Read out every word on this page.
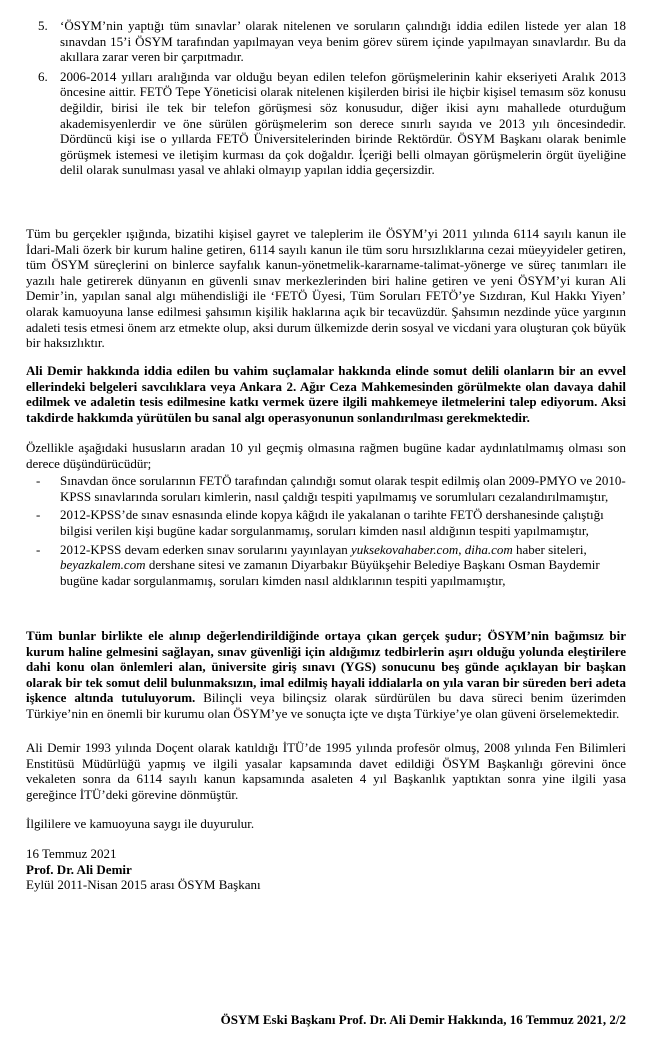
5. ‘ÖSYM’nin yaptığı tüm sınavlar’ olarak nitelenen ve soruların çalındığı iddia edilen listede yer alan 18 sınavdan 15’i ÖSYM tarafından yapılmayan veya benim görev sürem içinde yapılmayan sınavlardır. Bu da akıllara zarar veren bir çarpıtmadır.
6. 2006-2014 yılları aralığında var olduğu beyan edilen telefon görüşmelerinin kahir ekseriyeti Aralık 2013 öncesine aittir. FETÖ Tepe Yöneticisi olarak nitelenen kişilerden birisi ile hiçbir kişisel temasım söz konusu değildir, birisi ile tek bir telefon görüşmesi söz konusudur, diğer ikisi aynı mahallede oturduğum akademisyenlerdir ve öne sürülen görüşmelerim son derece sınırlı sayıda ve 2013 yılı öncesindedir. Dördüncü kişi ise o yıllarda FETÖ Üniversitelerinden birinde Rektördür. ÖSYM Başkanı olarak benimle görüşmek istemesi ve iletişim kurması da çok doğaldır. İçeriği belli olmayan görüşmelerin örgüt üyeliğine delil olarak sunulması yasal ve ahlaki olmayıp yapılan iddia geçersizdir.

Tüm bu gerçekler ışığında, bizatihi kişisel gayret ve taleplerim ile ÖSYM’yi 2011 yılında 6114 sayılı kanun ile İdari-Mali özerk bir kurum haline getiren, 6114 sayılı kanun ile tüm soru hırsızlıklarına cezai müeyyideler getiren, tüm ÖSYM süreçlerini on binlerce sayfalık kanun-yönetmelik-kararname-talimat-yönerge ve süreç tanımları ile yazılı hale getirerek dünyanın en güvenli sınav merkezlerinden biri haline getiren ve yeni ÖSYM’yi kuran Ali Demir’in, yapılan sanal algı mühendisliği ile ‘FETÖ Üyesi, Tüm Soruları FETÖ’ye Sızdıran, Kul Hakkı Yiyen’ olarak kamuoyuna lanse edilmesi şahsımın kişilik haklarına açık bir tecavüzdür. Şahsımın nezdinde yüce yargının adaleti tesis etmesi önem arz etmekte olup, aksi durum ülkemizde derin sosyal ve vicdani yara oluşturan çok büyük bir haksızlıktır.

Ali Demir hakkında iddia edilen bu vahim suçlamalar hakkında elinde somut delili olanların bir an evvel ellerindeki belgeleri savcılıklara veya Ankara 2. Ağır Ceza Mahkemesinden görülmekte olan davaya dahil edilmek ve adaletin tesis edilmesine katkı vermek üzere ilgili mahkemeye iletmelerini talep ediyorum. Aksi takdirde hakkımda yürütülen bu sanal algı operasyonunun sonlandırılması gerekmektedir.

Özellikle aşağıdaki hususların aradan 10 yıl geçmiş olmasına rağmen bugüne kadar aydınlatılmamış olması son derece düşündürücüdür;
- Sınavdan önce sorularının FETÖ tarafından çalındığı somut olarak tespit edilmiş olan 2009-PMYO ve 2010-KPSS sınavlarında soruları kimlerin, nasıl çaldığı tespiti yapılmamış ve sorumluları cezalandırılmamıştır,
- 2012-KPSS’de sınav esnasında elinde kopya kâğıdı ile yakalanan o tarihte FETÖ dershanesinde çalıştığı bilgisi verilen kişi bugüne kadar sorgulanmamış, soruları kimden nasıl aldığının tespiti yapılmamıştır,
- 2012-KPSS devam ederken sınav sorularını yayınlayan yuksekovahaber.com, diha.com haber siteleri, beyazkalem.com dershane sitesi ve zamanın Diyarbakır Büyükşehir Belediye Başkanı Osman Baydemir bugüne kadar sorgulanmamış, soruları kimden nasıl aldıklarının tespiti yapılmamıştır,

Tüm bunlar birlikte ele alınıp değerlendirildiğinde ortaya çıkan gerçek şudur; ÖSYM’nin bağımsız bir kurum haline gelmesini sağlayan, sınav güvenliği için aldığımız tedbirlerin aşırı olduğu yolunda eleştirilere dahi konu olan önlemleri alan, üniversite giriş sınavı (YGS) sonucunu beş günde açıklayan bir başkan olarak bir tek somut delil bulunmaksızın, imal edilmiş hayali iddialarla on yıla varan bir süreden beri adeta işkence altında tutuluyorum. Bilinçli veya bilinçsiz olarak sürdürülen bu dava süreci benim üzerimden Türkiye’nin en önemli bir kurumu olan ÖSYM’ye ve sonuçta içte ve dışta Türkiye’ye olan güveni örselemektedir.

Ali Demir 1993 yılında Doçent olarak katıldığı İTÜ’de 1995 yılında profesör olmuş, 2008 yılında Fen Bilimleri Enstitüsü Müdürlüğü yapmış ve ilgili yasalar kapsamında davet edildiği ÖSYM Başkanlığı görevini önce vekaleten sonra da 6114 sayılı kanun kapsamında asaleten 4 yıl Başkanlık yaptıktan sonra yine ilgili yasa gereğince İTÜ’deki görevine dönmüştür.

İlgililere ve kamuoyuna saygı ile duyurulur.

16 Temmuz 2021
Prof. Dr. Ali Demir
Eylül 2011-Nisan 2015 arası ÖSYM Başkanı
ÖSYM Eski Başkanı Prof. Dr. Ali Demir Hakkında, 16 Temmuz 2021, 2/2
